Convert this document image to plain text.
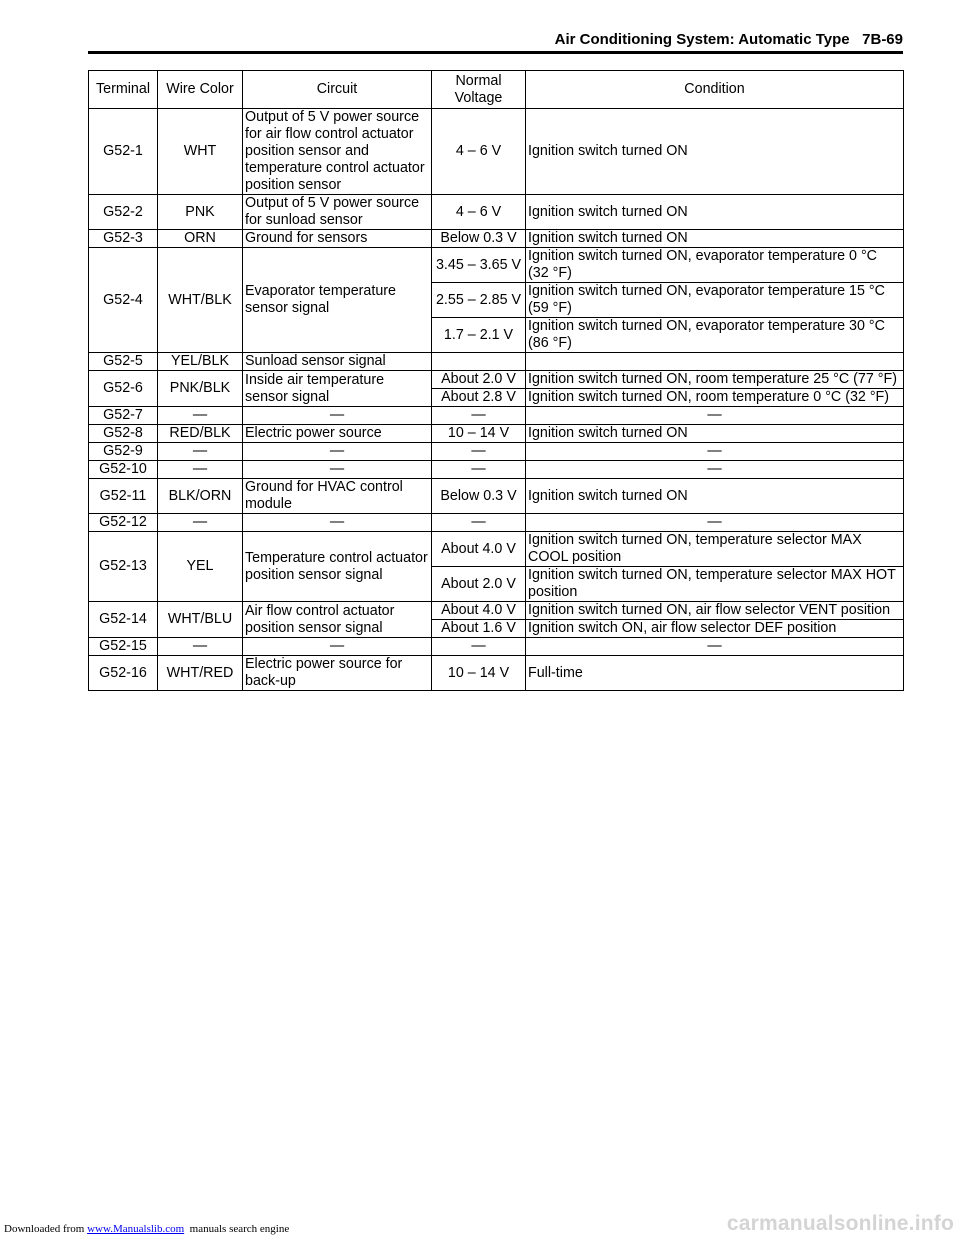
Air Conditioning System: Automatic Type 7B-69
Terminal	Wire Color	Circuit	Normal Voltage	Condition
G52-1	WHT	Output of 5 V power source for air flow control actuator position sensor and temperature control actuator position sensor	4 – 6 V	Ignition switch turned ON
G52-2	PNK	Output of 5 V power source for sunload sensor	4 – 6 V	Ignition switch turned ON
G52-3	ORN	Ground for sensors	Below 0.3 V	Ignition switch turned ON
G52-4	WHT/BLK	Evaporator temperature sensor signal	3.45 – 3.65 V	Ignition switch turned ON, evaporator temperature 0 °C (32 °F)
			2.55 – 2.85 V	Ignition switch turned ON, evaporator temperature 15 °C (59 °F)
			1.7 – 2.1 V	Ignition switch turned ON, evaporator temperature 30 °C (86 °F)
G52-5	YEL/BLK	Sunload sensor signal		
G52-6	PNK/BLK	Inside air temperature sensor signal	About 2.0 V	Ignition switch turned ON, room temperature 25 °C (77 °F)
			About 2.8 V	Ignition switch turned ON, room temperature 0 °C (32 °F)
G52-7	—	—	—	—
G52-8	RED/BLK	Electric power source	10 – 14 V	Ignition switch turned ON
G52-9	—	—	—	—
G52-10	—	—	—	—
G52-11	BLK/ORN	Ground for HVAC control module	Below 0.3 V	Ignition switch turned ON
G52-12	—	—	—	—
G52-13	YEL	Temperature control actuator position sensor signal	About 4.0 V	Ignition switch turned ON, temperature selector MAX COOL position
			About 2.0 V	Ignition switch turned ON, temperature selector MAX HOT position
G52-14	WHT/BLU	Air flow control actuator position sensor signal	About 4.0 V	Ignition switch turned ON, air flow selector VENT position
			About 1.6 V	Ignition switch ON, air flow selector DEF position
G52-15	—	—	—	—
G52-16	WHT/RED	Electric power source for back-up	10 – 14 V	Full-time
Downloaded from www.Manualslib.com manuals search engine	carmanualsonline.info
